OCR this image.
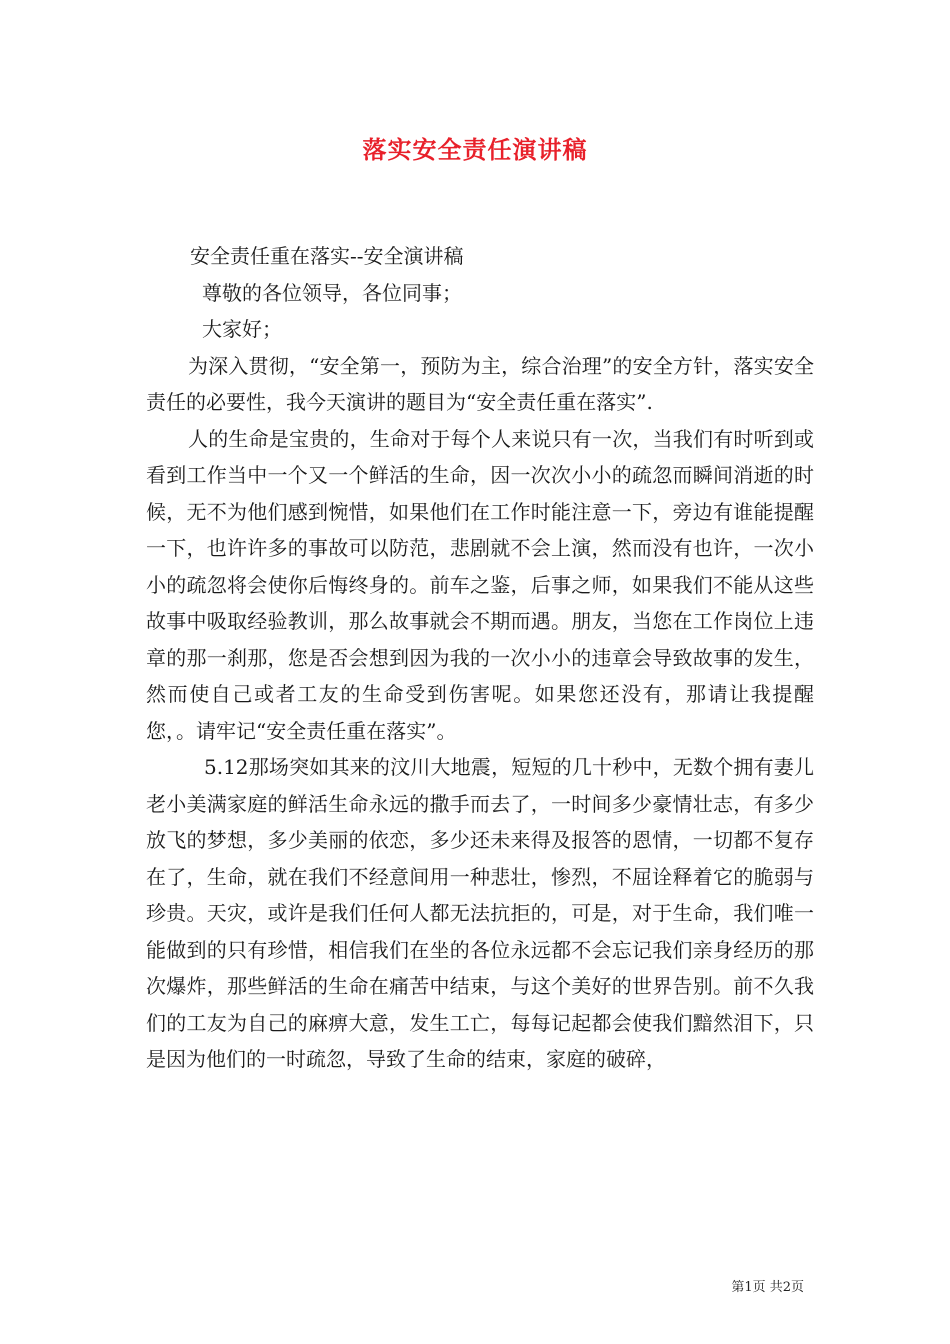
落实安全责任演讲稿

安全责任重在落实--安全演讲稿

尊敬的各位领导，各位同事；

大家好；

为深入贯彻，“安全第一，预防为主，综合治理”的安全方针，落实安全责任的必要性，我今天演讲的题目为“安全责任重在落实”.

人的生命是宝贵的，生命对于每个人来说只有一次，当我们有时听到或看到工作当中一个又一个鲜活的生命，因一次次小小的疏忽而瞬间消逝的时候，无不为他们感到惋惜，如果他们在工作时能注意一下，旁边有谁能提醒一下，也许许多的事故可以防范，悲剧就不会上演，然而没有也许，一次小小的疏忽将会使你后悔终身的。前车之鉴，后事之师，如果我们不能从这些故事中吸取经验教训，那么故事就会不期而遇。朋友，当您在工作岗位上违章的那一刹那，您是否会想到因为我的一次小小的违章会导致故事的发生，然而使自己或者工友的生命受到伤害呢。如果您还没有，那请让我提醒您，。请牢记“安全责任重在落实”。

5.12那场突如其来的汶川大地震，短短的几十秒中，无数个拥有妻儿老小美满家庭的鲜活生命永远的撒手而去了，一时间多少豪情壮志，有多少放飞的梦想，多少美丽的依恋，多少还未来得及报答的恩情，一切都不复存在了，生命，就在我们不经意间用一种悲壮，惨烈，不屈诠释着它的脆弱与珍贵。天灾，或许是我们任何人都无法抗拒的，可是，对于生命，我们唯一能做到的只有珍惜，相信我们在坐的各位永远都不会忘记我们亲身经历的那次爆炸，那些鲜活的生命在痛苦中结束，与这个美好的世界告别。前不久我们的工友为自己的麻痹大意，发生工亡，每每记起都会使我们黯然泪下，只是因为他们的一时疏忽，导致了生命的结束，家庭的破碎，

第1页 共2页
